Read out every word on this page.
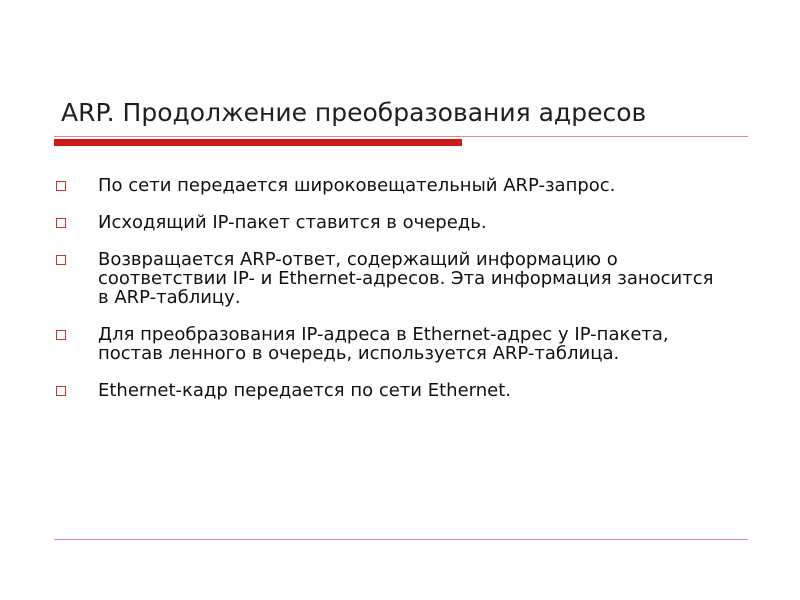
ARP. Продолжение преобразования адресов
По сети передается широковещательный ARP-запрос.
Исходящий IP-пакет ставится в очередь.
Возвращается ARP-ответ, содержащий информацию о соответствии IP- и Ethernet-адресов. Эта информация заносится в ARP-таблицу.
Для преобразования IP-адреса в Ethernet-адрес у IP-пакета, постав ленного в очередь, используется ARP-таблица.
Ethernet-кадр передается по сети Ethernet.
